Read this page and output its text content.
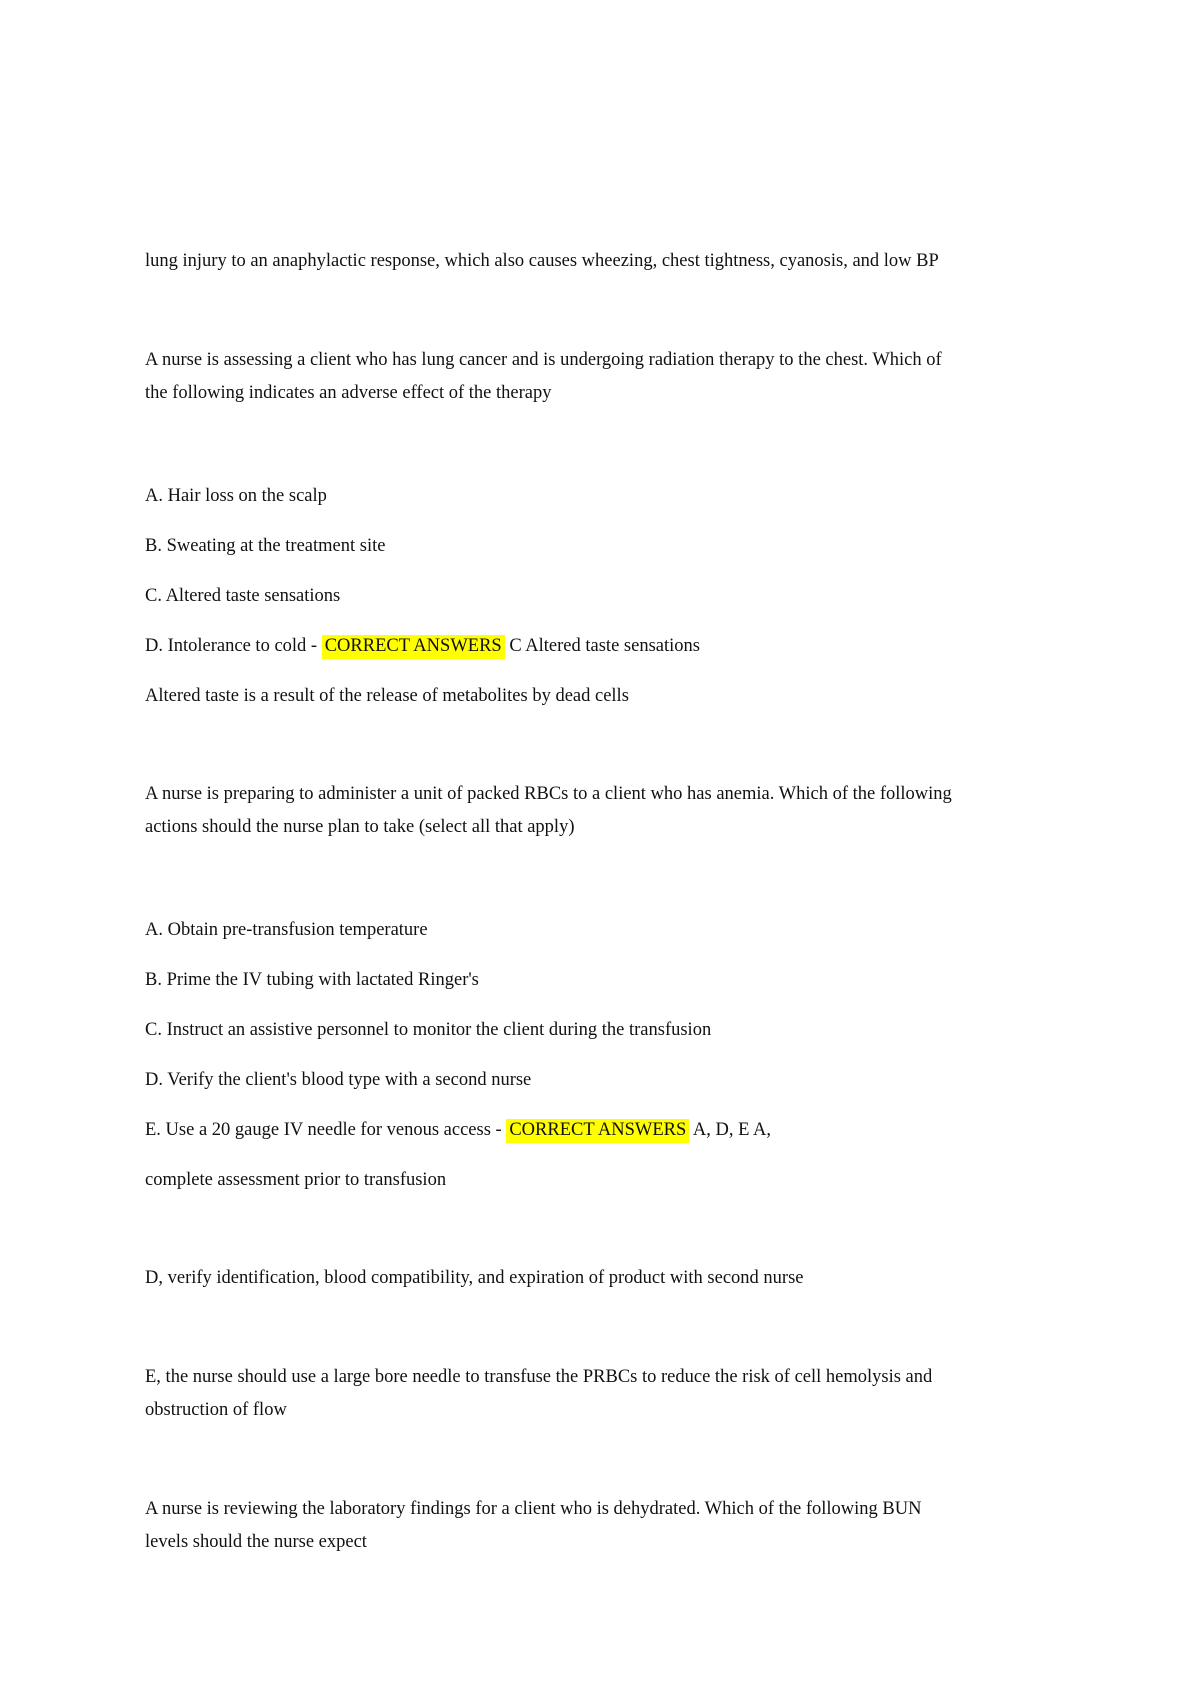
lung injury to an anaphylactic response, which also causes wheezing, chest tightness, cyanosis, and low BP
A nurse is assessing a client who has lung cancer and is undergoing radiation therapy to the chest. Which of
the following indicates an adverse effect of the therapy
A. Hair loss on the scalp
B. Sweating at the treatment site
C. Altered taste sensations
D. Intolerance to cold - CORRECT ANSWERS C Altered taste sensations
Altered taste is a result of the release of metabolites by dead cells
A nurse is preparing to administer a unit of packed RBCs to a client who has anemia. Which of the following
actions should the nurse plan to take (select all that apply)
A. Obtain pre-transfusion temperature
B. Prime the IV tubing with lactated Ringer's
C. Instruct an assistive personnel to monitor the client during the transfusion
D. Verify the client's blood type with a second nurse
E. Use a 20 gauge IV needle for venous access - CORRECT ANSWERS A, D, E A,
complete assessment prior to transfusion
D, verify identification, blood compatibility, and expiration of product with second nurse
E, the nurse should use a large bore needle to transfuse the PRBCs to reduce the risk of cell hemolysis and
obstruction of flow
A nurse is reviewing the laboratory findings for a client who is dehydrated. Which of the following BUN
levels should the nurse expect
